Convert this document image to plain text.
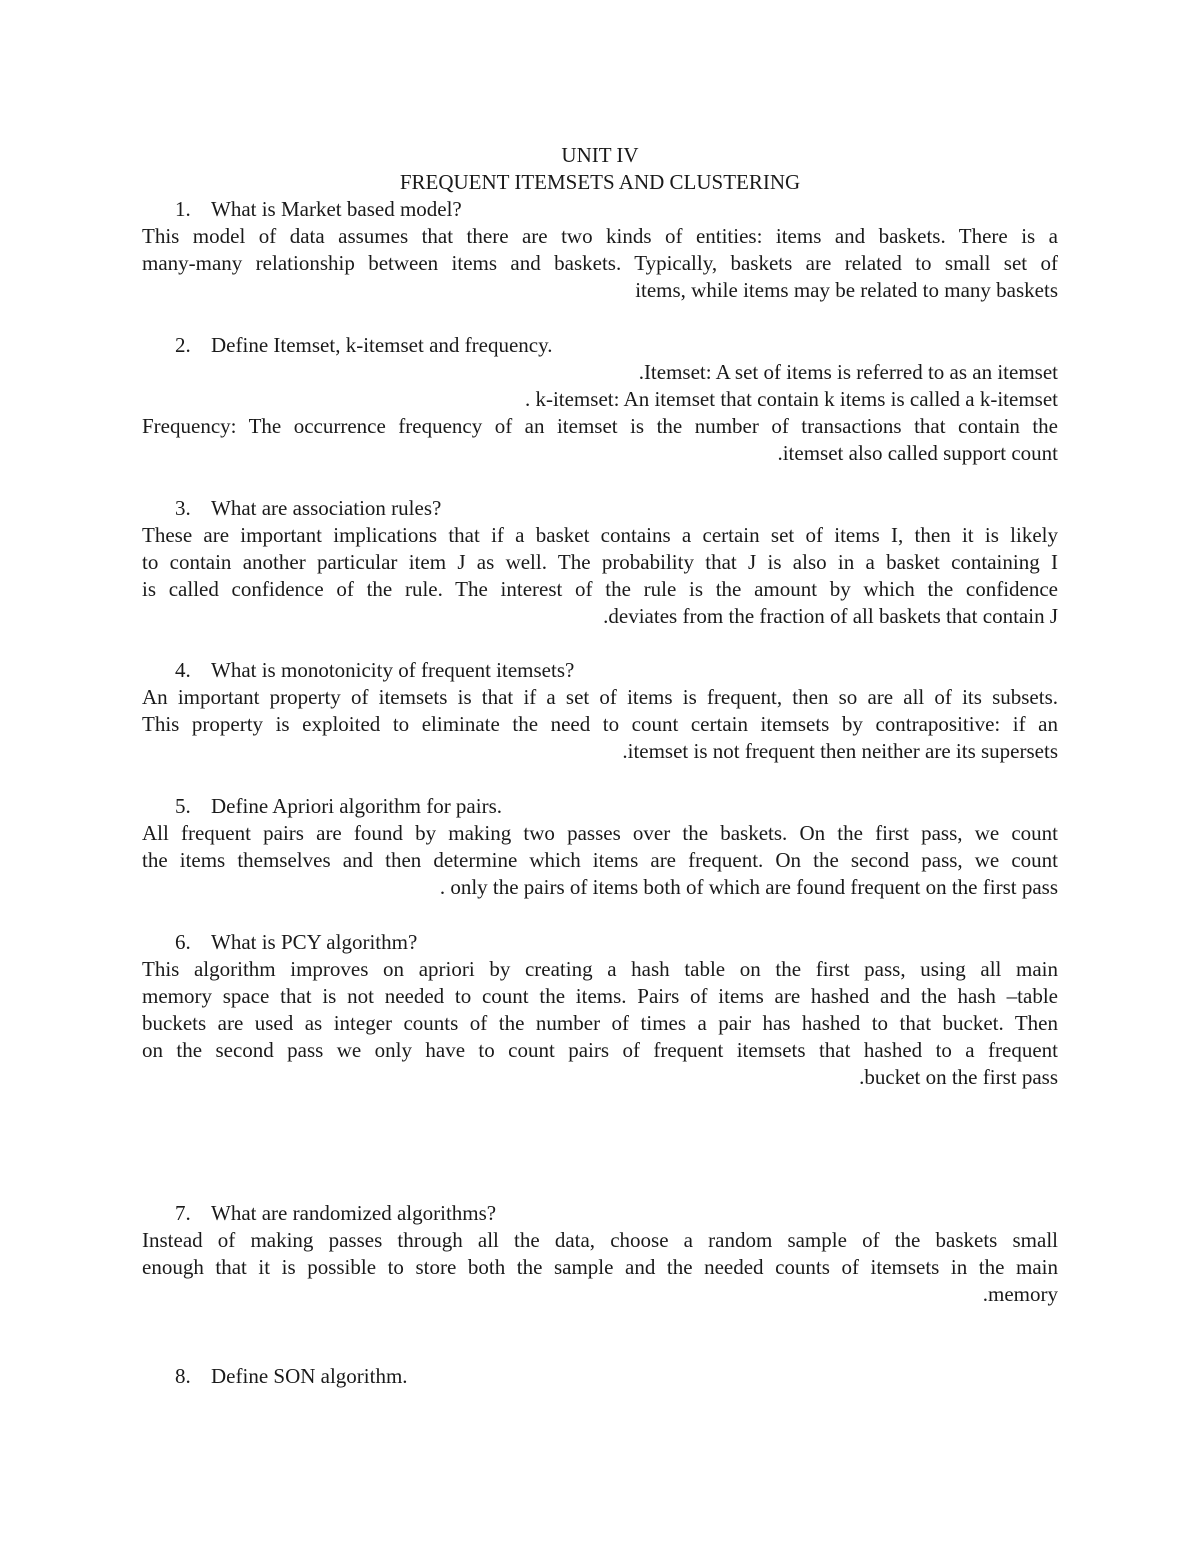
UNIT IV
FREQUENT ITEMSETS AND CLUSTERING
1. What is Market based model?
This model of data assumes that there are two kinds of entities: items and baskets. There is a
many-many relationship between items and baskets. Typically, baskets are related to small set of
items, while items may be related to many baskets
2. Define Itemset, k-itemset and frequency.
.Itemset: A set of items is referred to as an itemset
. k-itemset: An itemset that contain k items is called a k-itemset
Frequency: The occurrence frequency of an itemset is the number of transactions that contain the
.itemset also called support count
3. What are association rules?
These are important implications that if a basket contains a certain set of items I, then it is likely
to contain another particular item J as well. The probability that J is also in a basket containing I
is called confidence of the rule. The interest of the rule is the amount by which the confidence
.deviates from the fraction of all baskets that contain J
4. What is monotonicity of frequent itemsets?
An important property of itemsets is that if a set of items is frequent, then so are all of its subsets.
This property is exploited to eliminate the need to count certain itemsets by contrapositive: if an
.itemset is not frequent then neither are its supersets
5. Define Apriori algorithm for pairs.
All frequent pairs are found by making two passes over the baskets. On the first pass, we count
the items themselves and then determine which items are frequent. On the second pass, we count
. only the pairs of items both of which are found frequent on the first pass
6. What is PCY algorithm?
This algorithm improves on apriori by creating a hash table on the first pass, using all main
memory space that is not needed to count the items. Pairs of items are hashed and the hash –table
buckets are used as integer counts of the number of times a pair has hashed to that bucket. Then
on the second pass we only have to count pairs of frequent itemsets that hashed to a frequent
.bucket on the first pass
7. What are randomized algorithms?
Instead of making passes through all the data, choose a random sample of the baskets small
enough that it is possible to store both the sample and the needed counts of itemsets in the main
.memory
8. Define SON algorithm.
